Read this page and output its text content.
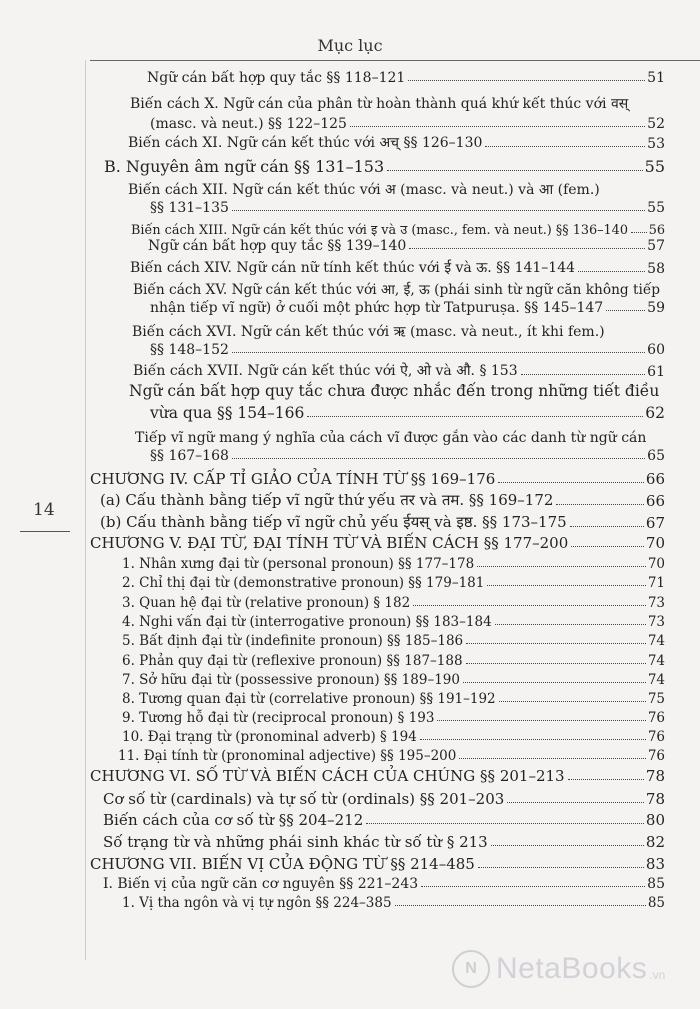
Mục lục
14
Ngữ cán bất hợp quy tắc §§ 118–121	51
Biến cách X. Ngữ cán của phân từ hoàn thành quá khứ kết thúc với वस्
(masc. và neut.) §§ 122–125	52
Biến cách XI. Ngữ cán kết thúc với अच् §§ 126–130	53
B. Nguyên âm ngữ cán §§ 131–153	55
Biến cách XII. Ngữ cán kết thúc với अ (masc. và neut.) và आ (fem.)
§§ 131–135	55
Biến cách XIII. Ngữ cán kết thúc với इ và उ (masc., fem. và neut.) §§ 136–140 56
Ngữ cán bất hợp quy tắc §§ 139–140	57
Biến cách XIV. Ngữ cán nữ tính kết thúc với ई và ऊ. §§ 141–144	58
Biến cách XV. Ngữ cán kết thúc với आ, ई, ऊ (phái sinh từ ngữ căn không tiếp
nhận tiếp vĩ ngữ) ở cuối một phức hợp từ Tatpuruṣa. §§ 145–147	59
Biến cách XVI. Ngữ cán kết thúc với ऋ (masc. và neut., ít khi fem.)
§§ 148–152	60
Biến cách XVII. Ngữ cán kết thúc với ऐ, ओ và औ. § 153	61
Ngữ cán bất hợp quy tắc chưa được nhắc đến trong những tiết điều
vừa qua §§ 154–166	62
Tiếp vĩ ngữ mang ý nghĩa của cách vĩ được gắn vào các danh từ ngữ cán
§§ 167–168	65
CHƯƠNG IV. CẤP TỈ GIẢO CỦA TÍNH TỪ §§ 169–176	66
(a) Cấu thành bằng tiếp vĩ ngữ thứ yếu तर và तम. §§ 169–172	66
(b) Cấu thành bằng tiếp vĩ ngữ chủ yếu ईयस् và इष्ठ. §§ 173–175	67
CHƯƠNG V. ĐẠI TỪ, ĐẠI TÍNH TỪ VÀ BIẾN CÁCH §§ 177–200	70
1. Nhân xưng đại từ (personal pronoun) §§ 177–178	70
2. Chỉ thị đại từ (demonstrative pronoun) §§ 179–181	71
3. Quan hệ đại từ (relative pronoun) § 182	73
4. Nghi vấn đại từ (interrogative pronoun) §§ 183–184	73
5. Bất định đại từ (indefinite pronoun) §§ 185–186	74
6. Phản quy đại từ (reflexive pronoun) §§ 187–188	74
7. Sở hữu đại từ (possessive pronoun) §§ 189–190	74
8. Tương quan đại từ (correlative pronoun) §§ 191–192	75
9. Tương hỗ đại từ (reciprocal pronoun) § 193	76
10. Đại trạng từ (pronominal adverb) § 194	76
11. Đại tính từ (pronominal adjective) §§ 195–200	76
CHƯƠNG VI. SỐ TỪ VÀ BIẾN CÁCH CỦA CHÚNG §§ 201–213	78
Cơ số từ (cardinals) và tự số từ (ordinals) §§ 201–203	78
Biến cách của cơ số từ §§ 204–212	80
Số trạng từ và những phái sinh khác từ số từ § 213	82
CHƯƠNG VII. BIẾN VỊ CỦA ĐỘNG TỪ §§ 214–485	83
I. Biến vị của ngữ căn cơ nguyên §§ 221–243	85
1. Vị tha ngôn và vị tự ngôn §§ 224–385	85
N NetaBooks .vn
